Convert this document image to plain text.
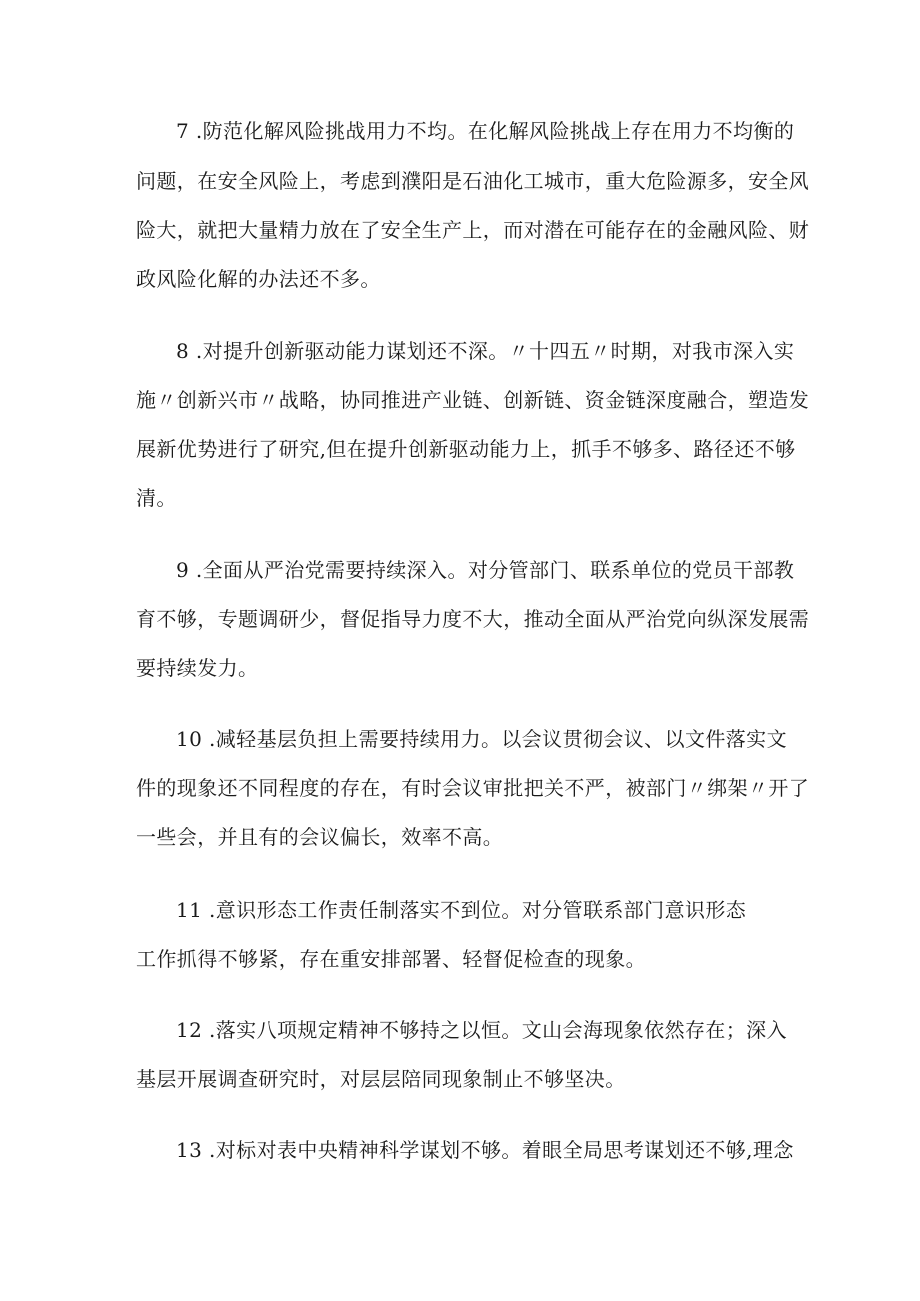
7 .防范化解风险挑战用力不均。在化解风险挑战上存在用力不均衡的
问题，在安全风险上，考虑到濮阳是石油化工城市，重大危险源多，安全风
险大，就把大量精力放在了安全生产上，而对潜在可能存在的金融风险、财
政风险化解的办法还不多。
8 .对提升创新驱动能力谋划还不深。〃十四五〃时期，对我市深入实
施〃创新兴市〃战略，协同推进产业链、创新链、资金链深度融合，塑造发
展新优势进行了研究,但在提升创新驱动能力上，抓手不够多、路径还不够
清。
9 .全面从严治党需要持续深入。对分管部门、联系单位的党员干部教
育不够，专题调研少，督促指导力度不大，推动全面从严治党向纵深发展需
要持续发力。
10 .减轻基层负担上需要持续用力。以会议贯彻会议、以文件落实文
件的现象还不同程度的存在，有时会议审批把关不严，被部门〃绑架〃开了
一些会，并且有的会议偏长，效率不高。
11 .意识形态工作责任制落实不到位。对分管联系部门意识形态
工作抓得不够紧，存在重安排部署、轻督促检查的现象。
12 .落实八项规定精神不够持之以恒。文山会海现象依然存在；深入
基层开展调查研究时，对层层陪同现象制止不够坚决。
13 .对标对表中央精神科学谋划不够。着眼全局思考谋划还不够,理念
